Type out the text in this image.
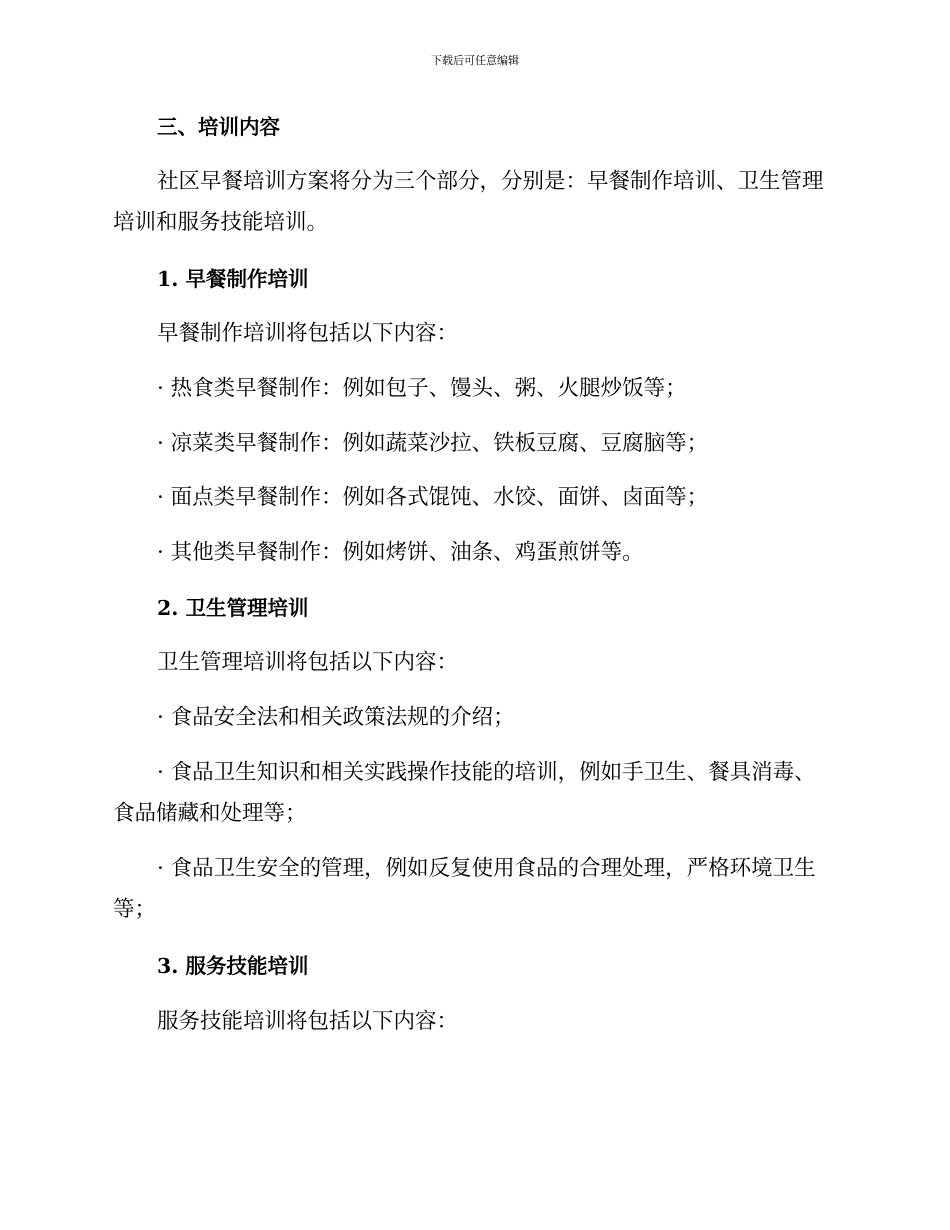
下载后可任意编辑
三、培训内容
社区早餐培训方案将分为三个部分，分别是：早餐制作培训、卫生管理
培训和服务技能培训。
1. 早餐制作培训
早餐制作培训将包括以下内容：
· 热食类早餐制作：例如包子、馒头、粥、火腿炒饭等；
· 凉菜类早餐制作：例如蔬菜沙拉、铁板豆腐、豆腐脑等；
· 面点类早餐制作：例如各式馄饨、水饺、面饼、卤面等；
· 其他类早餐制作：例如烤饼、油条、鸡蛋煎饼等。
2. 卫生管理培训
卫生管理培训将包括以下内容：
· 食品安全法和相关政策法规的介绍；
· 食品卫生知识和相关实践操作技能的培训，例如手卫生、餐具消毒、
食品储藏和处理等；
· 食品卫生安全的管理，例如反复使用食品的合理处理，严格环境卫生
等；
3. 服务技能培训
服务技能培训将包括以下内容：
